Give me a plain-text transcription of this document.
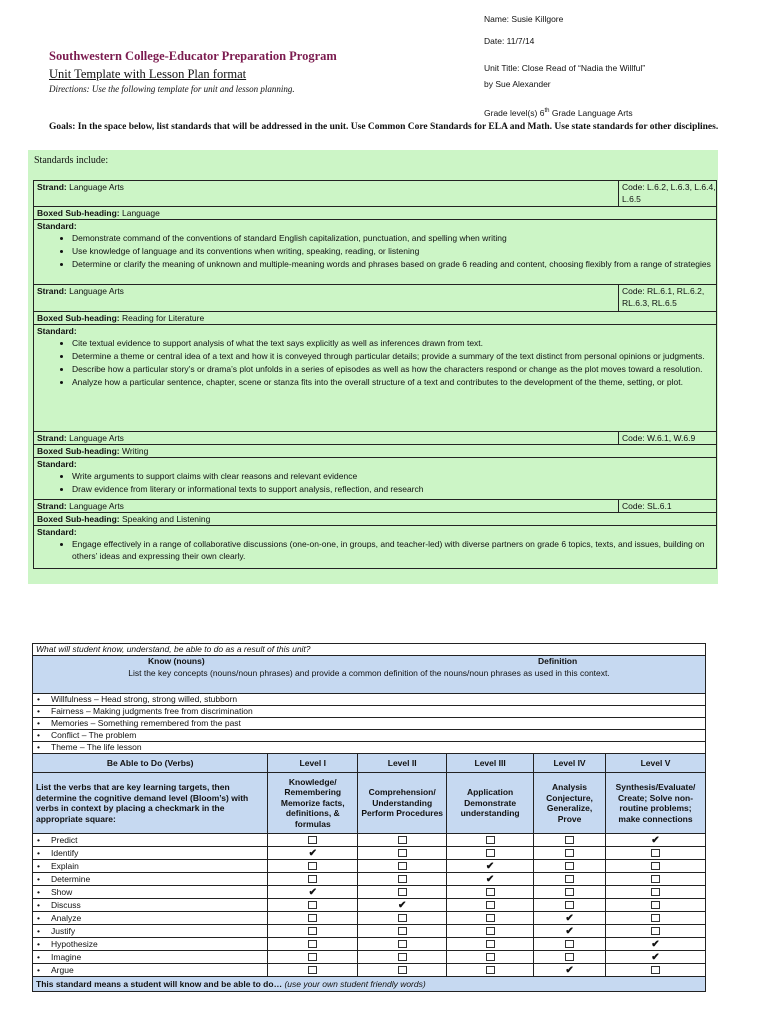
Name: Susie Killgore
Date: 11/7/14
Unit Title: Close Read of “Nadia the Willful”
by Sue Alexander
Grade level(s) 6th Grade Language Arts
Southwestern College-Educator Preparation Program
Unit Template with Lesson Plan format
Directions: Use the following template for unit and lesson planning.
Goals: In the space below, list standards that will be addressed in the unit. Use Common Core Standards for ELA and Math. Use state standards for other disciplines.
Standards include:
Strand: Language Arts	Code: L.6.2, L.6.3, L.6.4, L.6.5
Boxed Sub-heading: Language
Standard:
• Demonstrate command of the conventions of standard English capitalization, punctuation, and spelling when writing
• Use knowledge of language and its conventions when writing, speaking, reading, or listening
• Determine or clarify the meaning of unknown and multiple-meaning words and phrases based on grade 6 reading and content, choosing flexibly from a range of strategies
Strand: Language Arts	Code: RL.6.1, RL.6.2, RL.6.3, RL.6.5
Boxed Sub-heading: Reading for Literature
Standard:
• Cite textual evidence to support analysis of what the text says explicitly as well as inferences drawn from text.
• Determine a theme or central idea of a text and how it is conveyed through particular details; provide a summary of the text distinct from personal opinions or judgments.
• Describe how a particular story’s or drama’s plot unfolds in a series of episodes as well as how the characters respond or change as the plot moves toward a resolution.
• Analyze how a particular sentence, chapter, scene or stanza fits into the overall structure of a text and contributes to the development of the theme, setting, or plot.
Strand: Language Arts	Code: W.6.1, W.6.9
Boxed Sub-heading: Writing
Standard:
• Write arguments to support claims with clear reasons and relevant evidence
• Draw evidence from literary or informational texts to support analysis, reflection, and research
Strand: Language Arts	Code: SL.6.1
Boxed Sub-heading: Speaking and Listening
Standard:
• Engage effectively in a range of collaborative discussions (one-on-one, in groups, and teacher-led) with diverse partners on grade 6 topics, texts, and issues, building on others’ ideas and expressing their own clearly.
What will student know, understand, be able to do as a result of this unit?					

Know (nouns) Definition
List the key concepts (nouns/noun phrases) and provide a common definition of the nouns/noun phrases as used in this context.					

• Willfulness – Head strong, strong willed, stubborn					
• Fairness – Making judgments free from discrimination					
• Memories – Something remembered from the past					
• Conflict – The problem					
• Theme – The life lesson					
Be Able to Do (Verbs)	Level I	Level II	Level III	Level IV	Level V
List the verbs that are key learning targets, then determine the cognitive demand level (Bloom’s) with verbs in context by placing a checkmark in the appropriate square:	Knowledge/ Remembering Memorize facts, definitions, & formulas	Comprehension/ Understanding Perform Procedures	Application Demonstrate understanding	Analysis Conjecture, Generalize, Prove	Synthesis/Evaluate/ Create; Solve non-routine problems; make connections
• Predict					✔
• Identify	✔				
• Explain			✔		
• Determine			✔		
• Show	✔				
• Discuss		✔			
• Analyze				✔	
• Justify				✔	
• Hypothesize					✔
• Imagine					✔
• Argue				✔	
This standard means a student will know and be able to do… (use your own student friendly words)					
